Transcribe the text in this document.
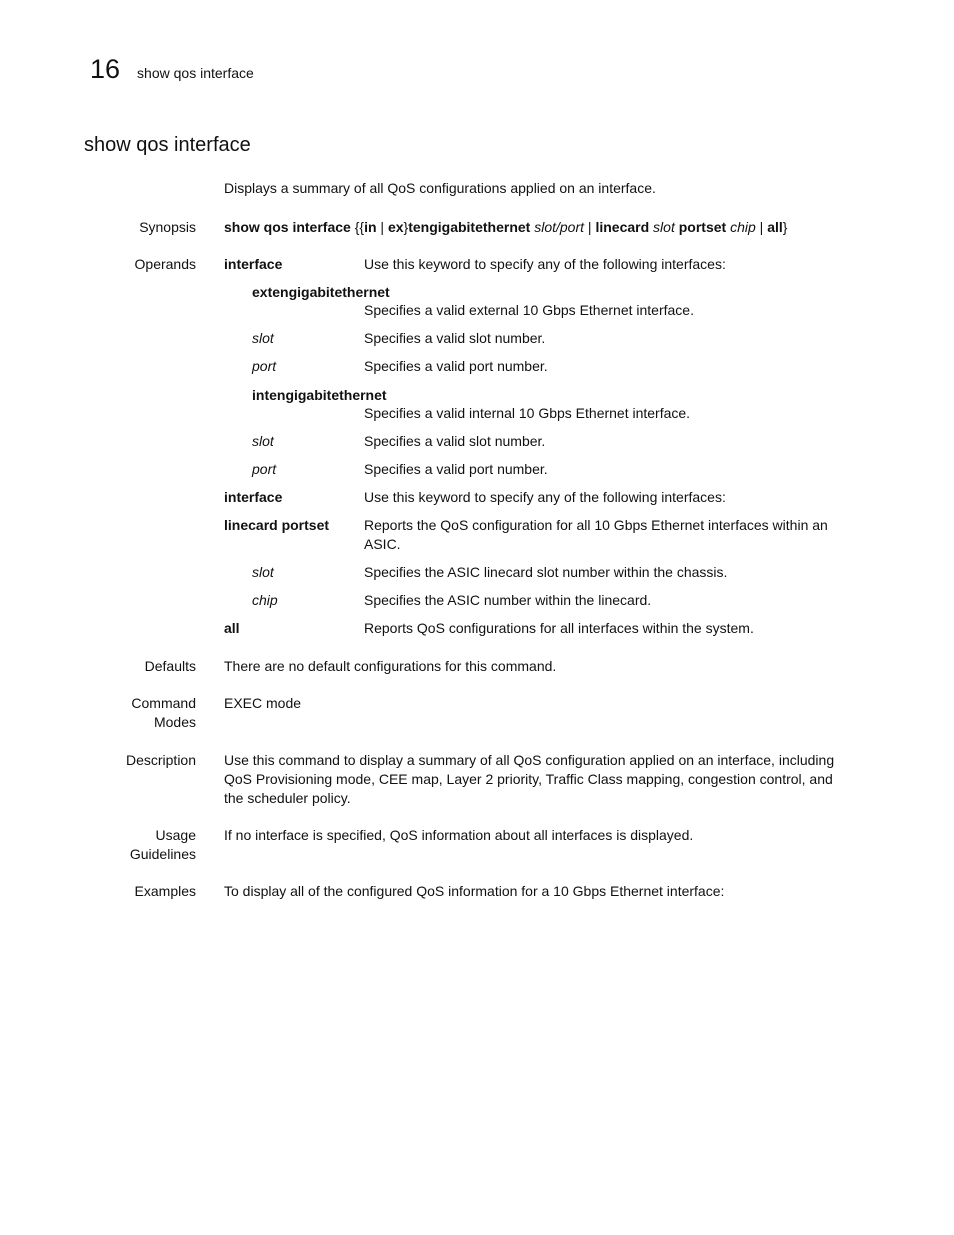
16 show qos interface
show qos interface
Displays a summary of all QoS configurations applied on an interface.
Synopsis show qos interface {{in | ex}tengigabitethernet slot/port | linecard slot portset chip | all}
Operands interface	Use this keyword to specify any of the following interfaces:
extengigabitethernet
Specifies a valid external 10 Gbps Ethernet interface.
slot	Specifies a valid slot number.
port	Specifies a valid port number.
intengigabitethernet
Specifies a valid internal 10 Gbps Ethernet interface.
slot	Specifies a valid slot number.
port	Specifies a valid port number.
interface	Use this keyword to specify any of the following interfaces:
linecard portset Reports the QoS configuration for all 10 Gbps Ethernet interfaces within an
ASIC.
slot	Specifies the ASIC linecard slot number within the chassis.
chip	Specifies the ASIC number within the linecard.
all	Reports QoS configurations for all interfaces within the system.
Defaults There are no default configurations for this command.
Command
Modes
EXEC mode
Description Use this command to display a summary of all QoS configuration applied on an interface, including
QoS Provisioning mode, CEE map, Layer 2 priority, Traffic Class mapping, congestion control, and
the scheduler policy.
Usage
Guidelines
If no interface is specified, QoS information about all interfaces is displayed.
Examples To display all of the configured QoS information for a 10 Gbps Ethernet interface:
